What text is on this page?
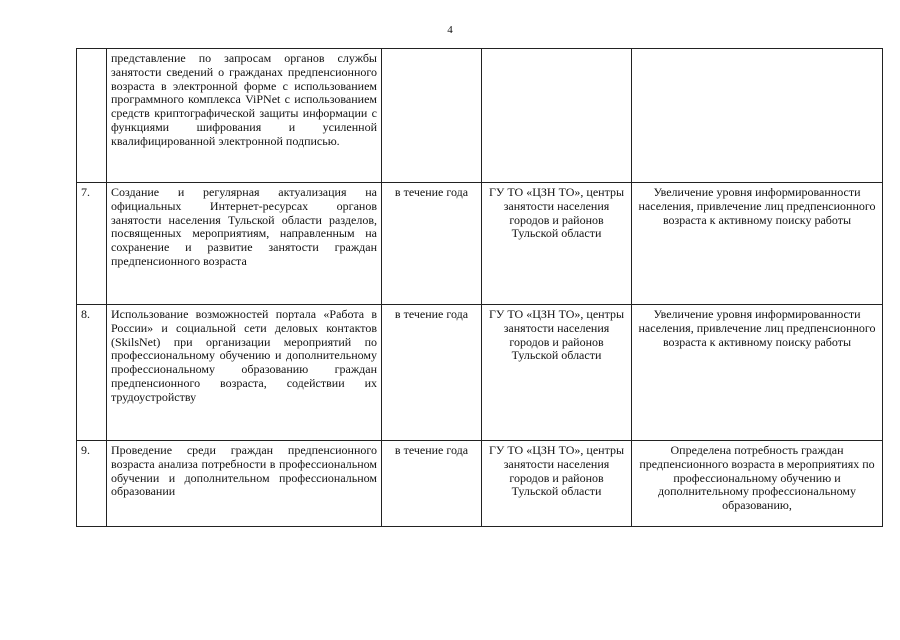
4
	представление по запросам органов службы занятости сведений о гражданах предпенсионного возраста в электронной форме с использованием программного комплекса ViPNet с использованием средств криптографической защиты информации с функциями шифрования и усиленной квалифицированной электронной подписью.			
7.	Создание и регулярная актуализация на официальных Интернет-ресурсах органов занятости населения Тульской области разделов, посвященных мероприятиям, направленным на сохранение и развитие занятости граждан предпенсионного возраста	в течение года	ГУ ТО «ЦЗН ТО», центры занятости населения городов и районов Тульской области	Увеличение уровня информированности населения, привлечение лиц предпенсионного возраста к активному поиску работы
8.	Использование возможностей портала «Работа в России» и социальной сети деловых контактов (SkilsNet) при организации мероприятий по профессиональному обучению и дополнительному профессиональному образованию граждан предпенсионного возраста, содействии их трудоустройству	в течение года	ГУ ТО «ЦЗН ТО», центры занятости населения городов и районов Тульской области	Увеличение уровня информированности населения, привлечение лиц предпенсионного возраста к активному поиску работы
9.	Проведение среди граждан предпенсионного возраста анализа потребности в профессиональном обучении и дополнительном профессиональном образовании	в течение года	ГУ ТО «ЦЗН ТО», центры занятости населения городов и районов Тульской области	Определена потребность граждан предпенсионного возраста в мероприятиях по профессиональному обучению и дополнительному профессиональному образованию,
